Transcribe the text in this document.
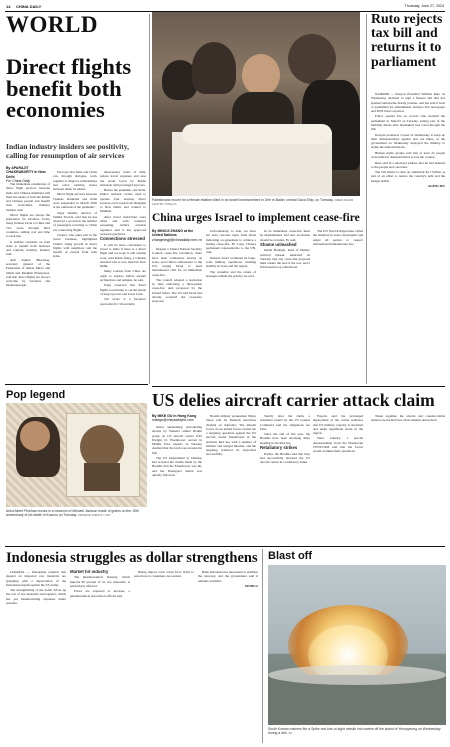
14 CHINA DAILY	Thursday, June 27, 2024
WORLD
Direct flights benefit both economies
Indian industry insiders see positivity, calling for resumption of air services
By APARAJIT CHAKRABORTY in New Delhi
For China Daily

The immediate resumption of direct flight services between India and Chinese mainland will meet the needs of both the Indian and Chinese people and benefit both economies, industry insiders said.

Direct flights are always the preference for travelers. Today many Indians travel to China and vice versa through third countries, adding cost and time to each trip.

It enables countries on both sides to benefit from business and tourism, industry insiders said.

Anil Kumar Bhardwaj, secretary general of the Federation of Indian Micro and Small and Medium Enterprises, said that direct flights are always welcome by travelers and businesspeople.

We hope that India and China can, through dialogue, work together to improve relationships and solve existing issues between them, he added.

Direct flight services between Chinese mainland and India were suspended in March 2020 at the outbreak of the pandemic.

Sagar Dasmit, director of Siddha Travels, said that he has observed a growth in the number of passengers traveling to China via connecting flights.

Chopra, who takes part in the travel business, highlighted China's rising growth in direct flights with neighbors and the benefit of people from both sides.

unnecessary waste of time, reduce travel expenses and ease the strain faced by Indian nationals with prolonged layovers.

Before the pandemic, Air India, India's national carrier, used to operate four nonstop direct services each week from Shanghai to New Delhi, and connect to Mumbai.

After travel restrictions were lifted and with countries reopening, India's aviation regulator said it has approved restored operations.

Connections stressed

It will be more convenient to travel to India if there is a direct flight and we hope it will resume soon, said Robin Jiang, a Chinese national who is now based in New Delhi.

Many tourists from China are eager to explore India's ancient architecture and temples, he said.

Jiang observed that direct flights would help to cut the hassle of long layovers and lower fares.

The writer is a freelance journalist for China Daily.

Palestinians mourn for a female relative killed in an Israeli bombardment in Deir el-Balah, central Gaza Strip, on Tuesday. ABED RAHIM KHATIB / XINHUA
China urges Israel to implement cease-fire
By MINGJI ZHANG at the United Nations
zhangmingji@chinadaily.com.cn

Despite a United Nations Security Council cease-fire resolution, there have been continuous attacks on Gaza, and China's ambassador to the UN, urging Israel to heed international calls for an immediate cease-fire.

The council adopted a resolution in June endorsing a three-phase cease-fire deal proposed by the United States. The US said Israel had already accepted the cease-fire proposal.

Unfortunately, to date, we have not seen concrete signs from Israel indicating an agreement to achieve a lasting cease-fire, Fu Cong, China's permanent representative to the UN, said.

Instead, Israel continued its large-scale military operations, slashing stability in Gaza and the region.

The ceasefire and the return of hostages remain the priority, he said.

In its immediate cease-fire must be implemented, and new escalation should be avoided, Fu said.

Shame unleashed

Ismail Haniyeh, head of Hamas' political bureau, reiterated on Tuesday that any cease-fire proposal must ensure the end of the war, and a full Israeli troop withdrawal.

The UN Special Rapporteur called the situation in Gaza catastrophic and urged all parties to respect international humanitarian law.

Ruto rejects tax bill and returns it to parliament

NAIROBI — Kenyan President William Ruto on Wednesday declined to sign a finance bill that has sparked nationwide deadly protests, and has sent it back to parliament for amendments, Kenya's Star newspaper and KTN News reported.

Police opened fire on crowds who stormed the parliament in Nairobi on Tuesday, setting part of the building ablaze after lawmakers had voted through the bill.

Kenyan protesters vowed on Wednesday to keep up their demonstrations against new tax hikes, as the government on Wednesday deployed the military to tackle the demonstrations.

Human rights groups said that at least 22 people were killed in demonstrations across the country.

Ruto said in a televised address that he had listened to the people and conceded.

The bill aimed to raise an additional $2.7 billion as part of an effort to reduce the country's debt and the budget deficit.

AGENCIES

Pop legend
Artist Albert Pinkham works in a museum of Michael Jackson made of grains on the 15th anniversary of his death in Kosovo on Tuesday. ARMEND NIMANI / AFP
US delies aircraft carrier attack claim
By MIKE GU in Hong Kong
mikegu@chinadailyhk.com

Amid questioning surrounding attacks by Yemen's armed Houthi group on US aircraft carrier USS Dwight D. Eisenhower served in Middle East, experts on Tuesday doubted that the truth was revealed in full.

The US Department of Defense had accused the claims made by the Houthis that the Eisenhower was hit, and the Pentagon's denial was quickly followed.

Houthi military spokesman Yahya Saree told Al Masirah television channel on Saturday: The missile forces of our armed forces carried out a targeting operation against the US aircraft carrier Eisenhower in the northern Red Sea with a number of ballistic and winged missiles, and the targeting achieved its objectives successfully.

Shortly after the claim, a statement issued by the US Central Command said the allegations are false.

Since the end of last year, the Houthis have been attacking ships heading in the Red Sea.

Retaliatory strikes

Earlier, the Houthis said that they had successfully attacked the US aircraft carrier in a retaliatory strike.

Experts said the prolonged deployment of the carrier indicates that US military capacity is stretched and under significant strain in the region.

Since January, a special announcement from the Houthi-run CENTCOM said that the forces would continue their operations.

Taken together, the attacks and counter-claims underscore the Red Sea crisis remains unresolved.

Indonesia struggles as dollar strengthens

JAKARTA — Indonesian retailers that depend on imported raw materials are grappling with a depreciation of the Indonesian rupiah against the US dollar.

The strengthening of the dollar drives up the cost of raw materials and logistics, which has put manufacturing expenses under pressure.

Market hit industry

The pharmaceutical industry, which imports 90 percent of its raw materials, is particularly affected.

Prices are expected to increase, a pharmaceutical association official said.

Rising import costs could force firms to pass more to consumers, he warned.

Bank Indonesia has intervened to stabilize the currency, and the government said it remains watchful.

XINHUA

Blast off
South Korean marines fire a Spike non-line-of-sight missile into waters off the island of Yeonpyeong on Wednesday during a drill. AP
